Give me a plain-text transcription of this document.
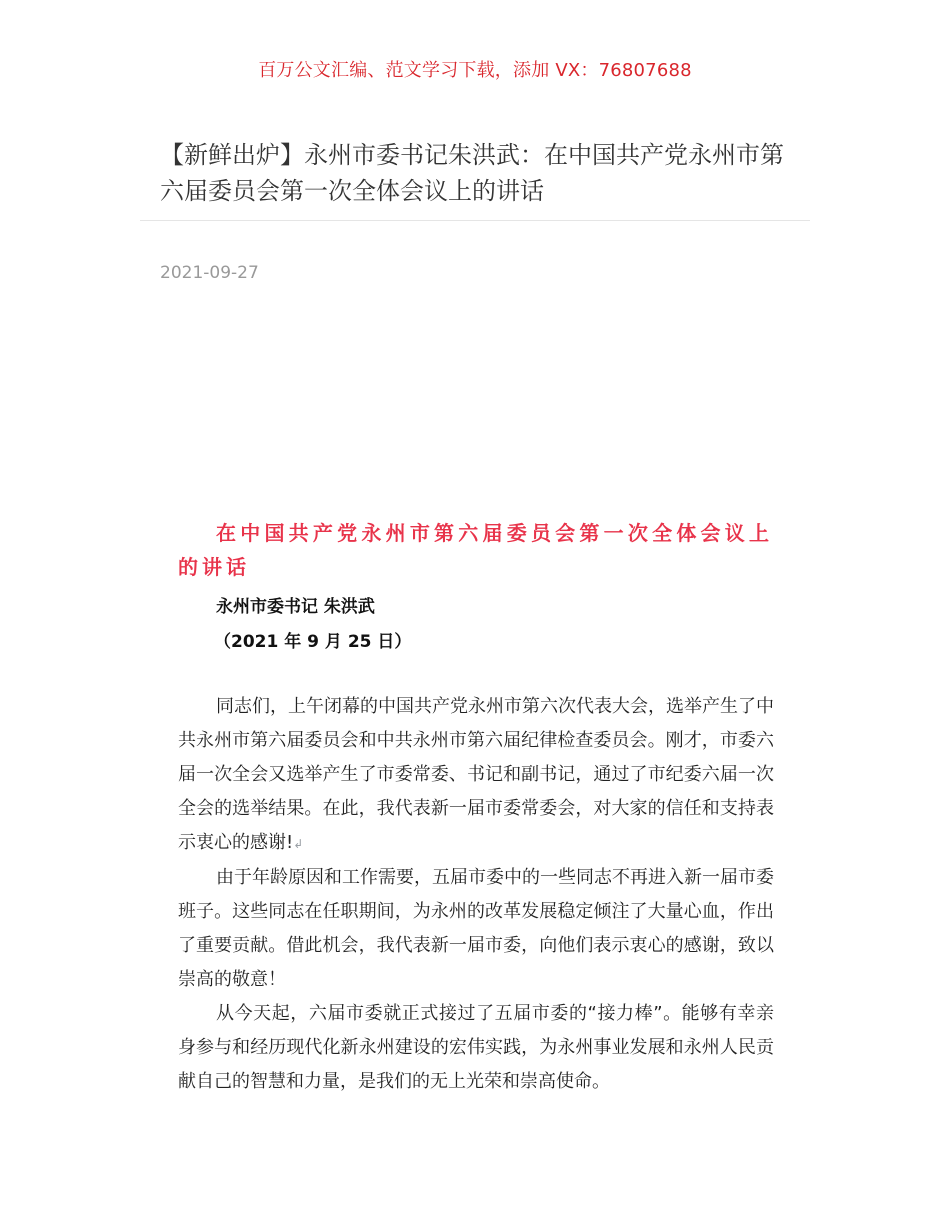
百万公文汇编、范文学习下载，添加 VX：76807688
【新鲜出炉】永州市委书记朱洪武：在中国共产党永州市第六届委员会第一次全体会议上的讲话
2021-09-27
在中国共产党永州市第六届委员会第一次全体会议上的讲话
永州市委书记 朱洪武
（2021 年 9 月 25 日）

同志们，上午闭幕的中国共产党永州市第六次代表大会，选举产生了中共永州市第六届委员会和中共永州市第六届纪律检查委员会。刚才，市委六届一次全会又选举产生了市委常委、书记和副书记，通过了市纪委六届一次全会的选举结果。在此，我代表新一届市委常委会，对大家的信任和支持表示衷心的感谢!↲

由于年龄原因和工作需要，五届市委中的一些同志不再进入新一届市委班子。这些同志在任职期间，为永州的改革发展稳定倾注了大量心血，作出了重要贡献。借此机会，我代表新一届市委，向他们表示衷心的感谢，致以崇高的敬意！

从今天起，六届市委就正式接过了五届市委的“接力棒”。能够有幸亲身参与和经历现代化新永州建设的宏伟实践，为永州事业发展和永州人民贡献自己的智慧和力量，是我们的无上光荣和崇高使命。
